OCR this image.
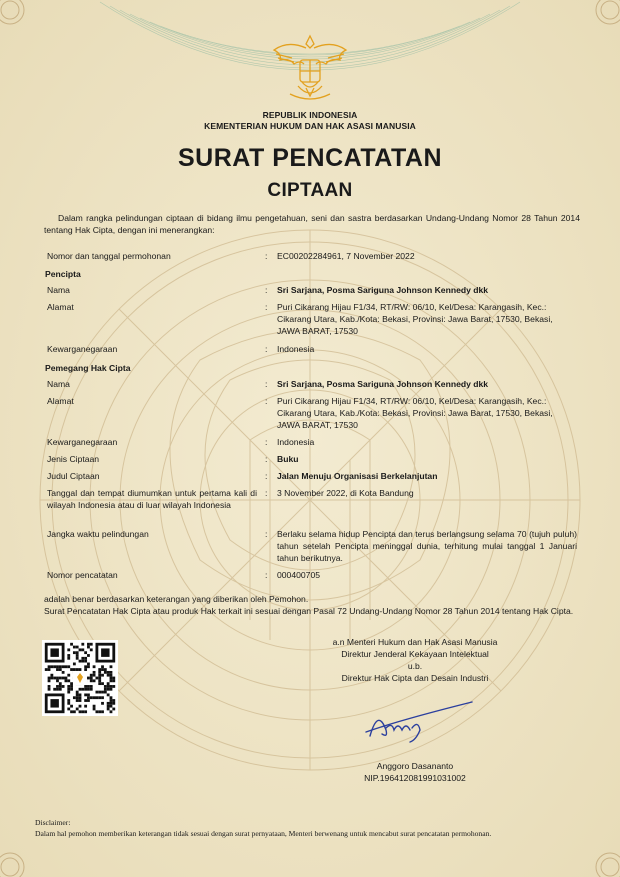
REPUBLIK INDONESIA
KEMENTERIAN HUKUM DAN HAK ASASI MANUSIA
SURAT PENCATATAN
CIPTAAN
Dalam rangka pelindungan ciptaan di bidang ilmu pengetahuan, seni dan sastra berdasarkan Undang-Undang Nomor 28 Tahun 2014 tentang Hak Cipta, dengan ini menerangkan:
Nomor dan tanggal permohonan	: EC00202284961, 7 November 2022
Pencipta
Nama	: Sri Sarjana, Posma Sariguna Johnson Kennedy dkk
Alamat	: Puri Cikarang Hijau F1/34, RT/RW: 06/10, Kel/Desa: Karangasih, Kec.: Cikarang Utara, Kab./Kota: Bekasi, Provinsi: Jawa Barat, 17530, Bekasi, JAWA BARAT, 17530
Kewarganegaraan	: Indonesia
Pemegang Hak Cipta
Nama	: Sri Sarjana, Posma Sariguna Johnson Kennedy dkk
Alamat	: Puri Cikarang Hijau F1/34, RT/RW: 06/10, Kel/Desa: Karangasih, Kec.: Cikarang Utara, Kab./Kota: Bekasi, Provinsi: Jawa Barat, 17530, Bekasi, JAWA BARAT, 17530
Kewarganegaraan	: Indonesia
Jenis Ciptaan	: Buku
Judul Ciptaan	: Jalan Menuju Organisasi Berkelanjutan
Tanggal dan tempat diumumkan untuk pertama kali di wilayah Indonesia atau di luar wilayah Indonesia
: 3 November 2022, di Kota Bandung
Jangka waktu pelindungan	: Berlaku selama hidup Pencipta dan terus berlangsung selama 70 (tujuh puluh) tahun setelah Pencipta meninggal dunia, terhitung mulai tanggal 1 Januari tahun berikutnya.
Nomor pencatatan	: 000400705
adalah benar berdasarkan keterangan yang diberikan oleh Pemohon.
Surat Pencatatan Hak Cipta atau produk Hak terkait ini sesuai dengan Pasal 72 Undang-Undang Nomor 28 Tahun 2014 tentang Hak Cipta.
a.n Menteri Hukum dan Hak Asasi Manusia
Direktur Jenderal Kekayaan Intelektual
u.b.
Direktur Hak Cipta dan Desain Industri
Anggoro Dasananto
NIP.196412081991031002
Disclaimer:
Dalam hal pemohon memberikan keterangan tidak sesuai dengan surat pernyataan, Menteri berwenang untuk mencabut surat pencatatan permohonan.
